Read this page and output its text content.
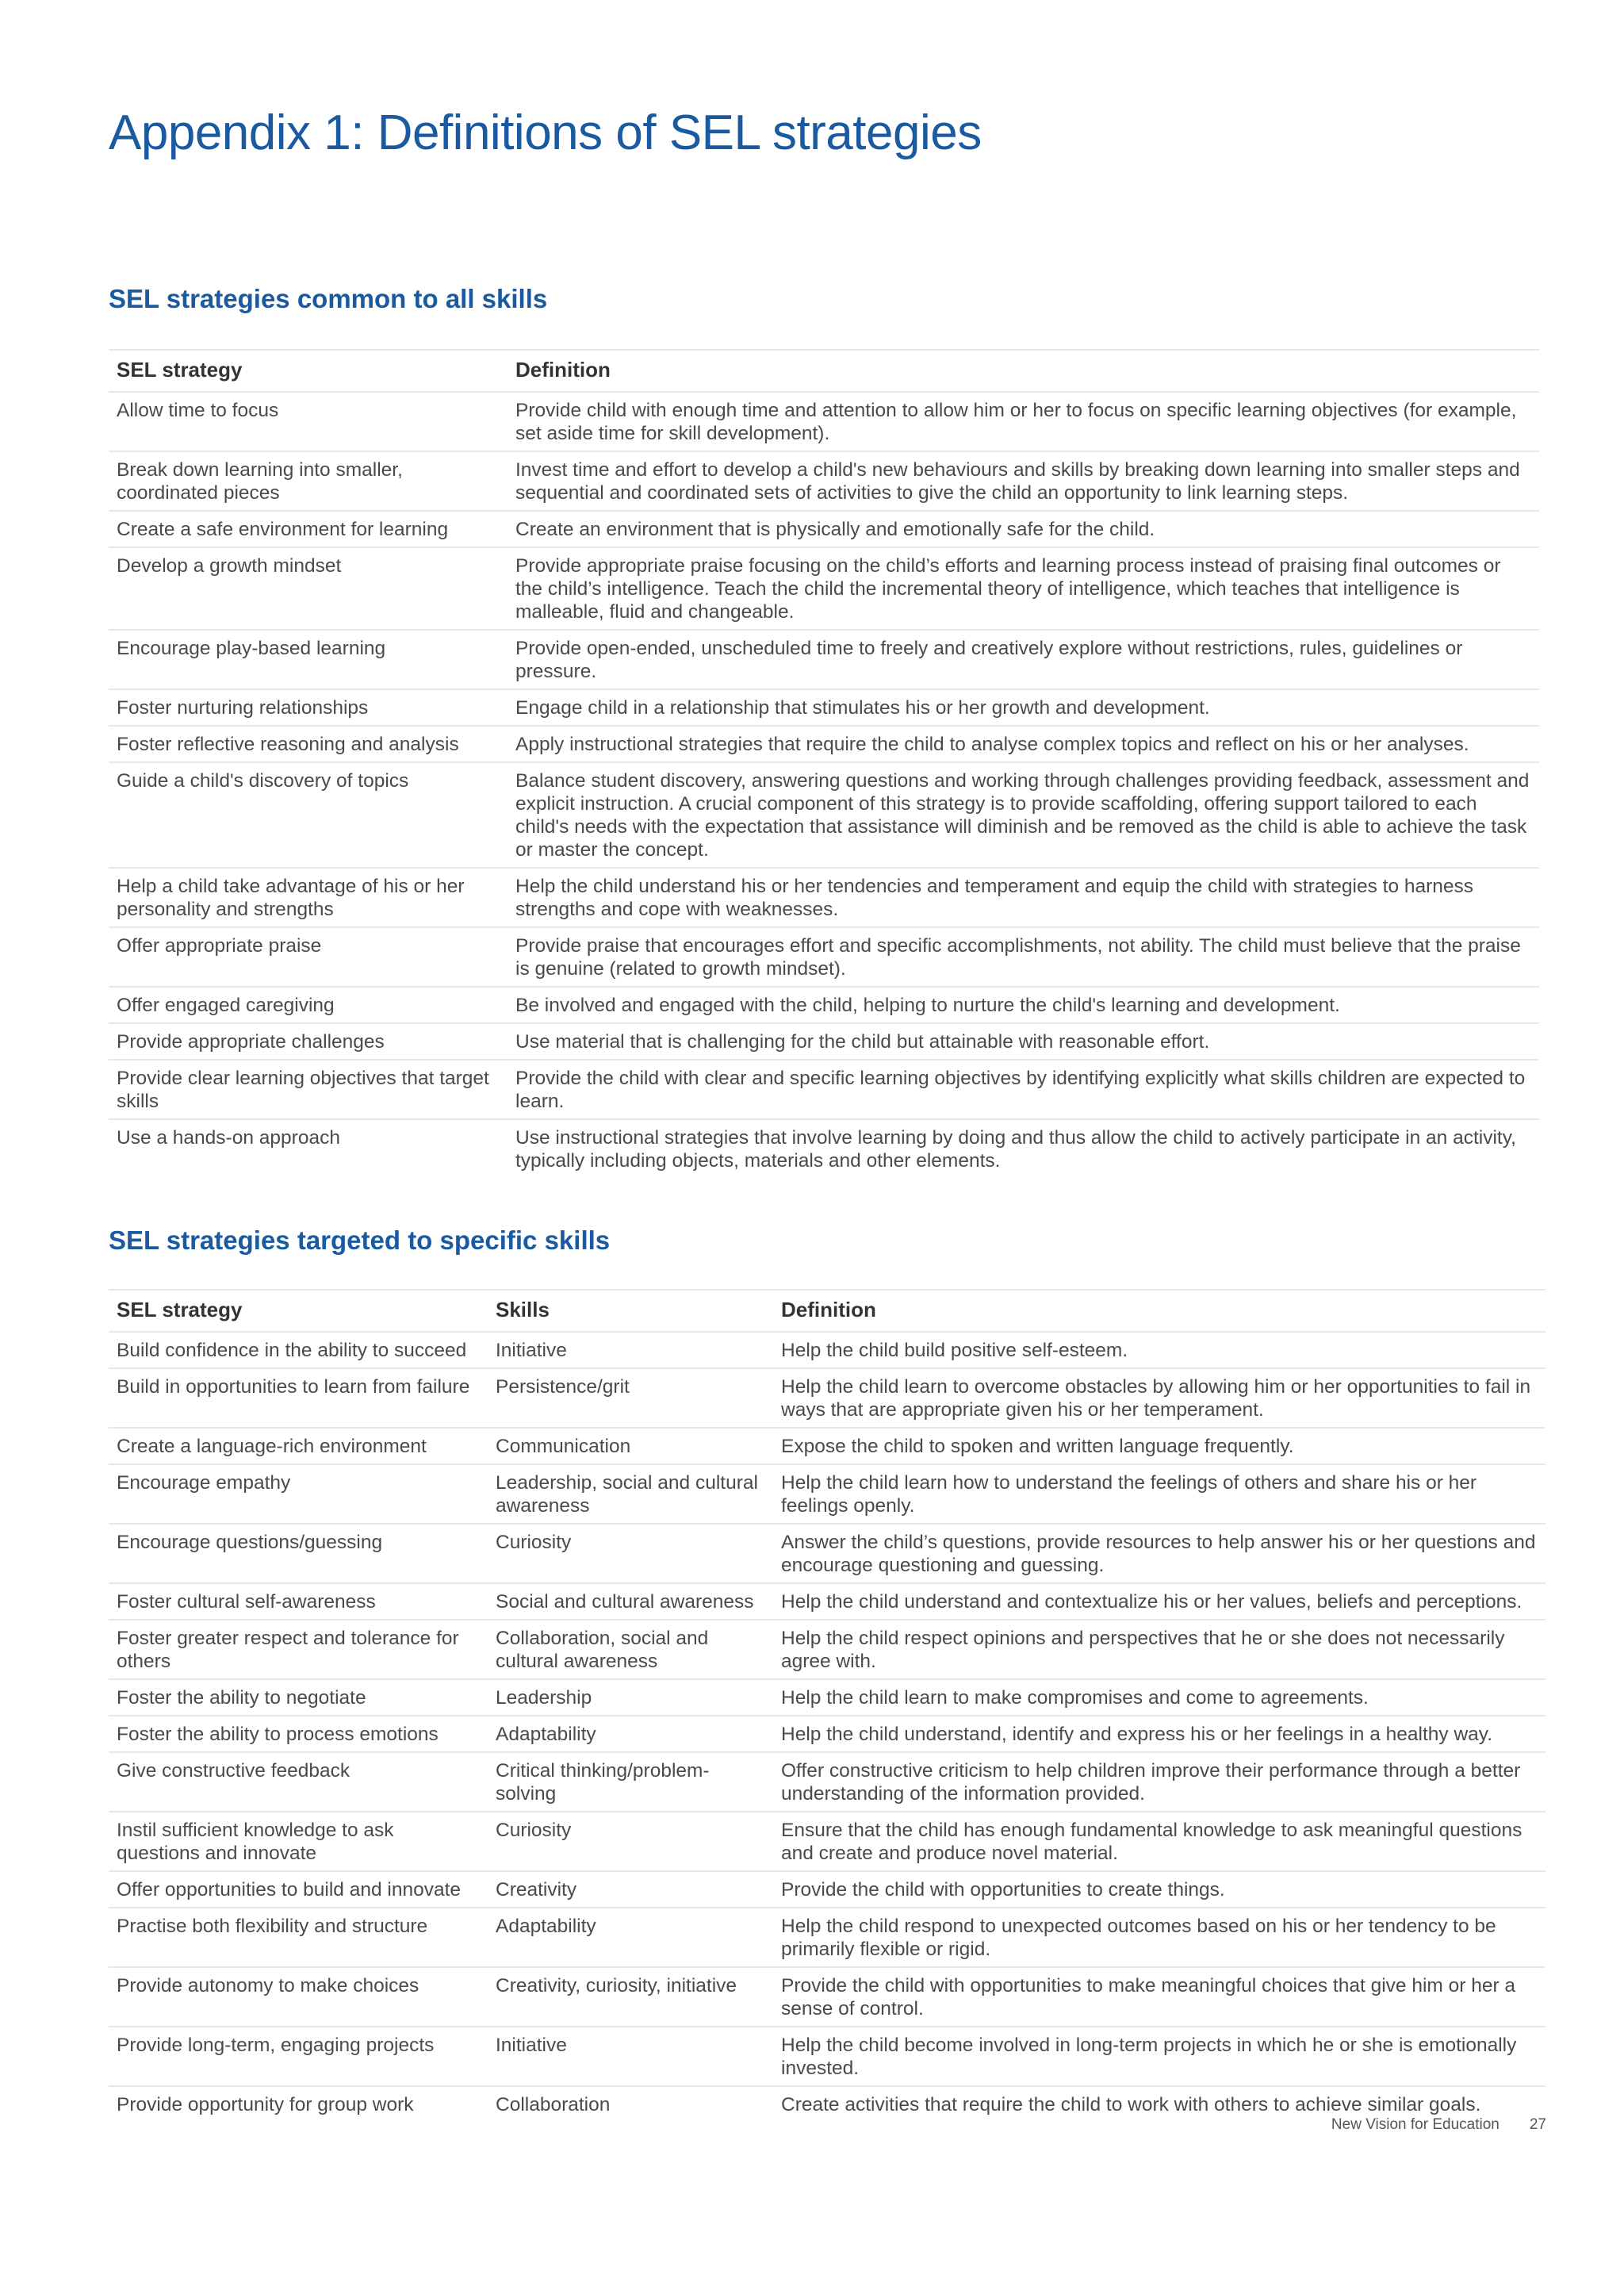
Appendix 1: Definitions of SEL strategies
SEL strategies common to all skills
SEL strategy	Definition
Allow time to focus	Provide child with enough time and attention to allow him or her to focus on specific learning objectives (for example, set aside time for skill development).
Break down learning into smaller, coordinated pieces	Invest time and effort to develop a child's new behaviours and skills by breaking down learning into smaller steps and sequential and coordinated sets of activities to give the child an opportunity to link learning steps.
Create a safe environment for learning	Create an environment that is physically and emotionally safe for the child.
Develop a growth mindset	Provide appropriate praise focusing on the child’s efforts and learning process instead of praising final outcomes or the child’s intelligence. Teach the child the incremental theory of intelligence, which teaches that intelligence is malleable, fluid and changeable.
Encourage play-based learning	Provide open-ended, unscheduled time to freely and creatively explore without restrictions, rules, guidelines or pressure.
Foster nurturing relationships	Engage child in a relationship that stimulates his or her growth and development.
Foster reflective reasoning and analysis	Apply instructional strategies that require the child to analyse complex topics and reflect on his or her analyses.
Guide a child's discovery of topics	Balance student discovery, answering questions and working through challenges providing feedback, assessment and explicit instruction. A crucial component of this strategy is to provide scaffolding, offering support tailored to each child's needs with the expectation that assistance will diminish and be removed as the child is able to achieve the task or master the concept.
Help a child take advantage of his or her personality and strengths	Help the child understand his or her tendencies and temperament and equip the child with strategies to harness strengths and cope with weaknesses.
Offer appropriate praise	Provide praise that encourages effort and specific accomplishments, not ability. The child must believe that the praise is genuine (related to growth mindset).
Offer engaged caregiving	Be involved and engaged with the child, helping to nurture the child's learning and development.
Provide appropriate challenges	Use material that is challenging for the child but attainable with reasonable effort.
Provide clear learning objectives that target skills	Provide the child with clear and specific learning objectives by identifying explicitly what skills children are expected to learn.
Use a hands-on approach	Use instructional strategies that involve learning by doing and thus allow the child to actively participate in an activity, typically including objects, materials and other elements.
SEL strategies targeted to specific skills
SEL strategy	Skills	Definition
Build confidence in the ability to succeed	Initiative	Help the child build positive self-esteem.
Build in opportunities to learn from failure	Persistence/grit	Help the child learn to overcome obstacles by allowing him or her opportunities to fail in ways that are appropriate given his or her temperament.
Create a language-rich environment	Communication	Expose the child to spoken and written language frequently.
Encourage empathy	Leadership, social and cultural awareness	Help the child learn how to understand the feelings of others and share his or her feelings openly.
Encourage questions/guessing	Curiosity	Answer the child’s questions, provide resources to help answer his or her questions and encourage questioning and guessing.
Foster cultural self-awareness	Social and cultural awareness	Help the child understand and contextualize his or her values, beliefs and perceptions.
Foster greater respect and tolerance for others	Collaboration, social and cultural awareness	Help the child respect opinions and perspectives that he or she does not necessarily agree with.
Foster the ability to negotiate	Leadership	Help the child learn to make compromises and come to agreements.
Foster the ability to process emotions	Adaptability	Help the child understand, identify and express his or her feelings in a healthy way.
Give constructive feedback	Critical thinking/problem-solving	Offer constructive criticism to help children improve their performance through a better understanding of the information provided.
Instil sufficient knowledge to ask questions and innovate	Curiosity	Ensure that the child has enough fundamental knowledge to ask meaningful questions and create and produce novel material.
Offer opportunities to build and innovate	Creativity	Provide the child with opportunities to create things.
Practise both flexibility and structure	Adaptability	Help the child respond to unexpected outcomes based on his or her tendency to be primarily flexible or rigid.
Provide autonomy to make choices	Creativity, curiosity, initiative	Provide the child with opportunities to make meaningful choices that give him or her a sense of control.
Provide long-term, engaging projects	Initiative	Help the child become involved in long-term projects in which he or she is emotionally invested.
Provide opportunity for group work	Collaboration	Create activities that require the child to work with others to achieve similar goals.
New Vision for Education 27
